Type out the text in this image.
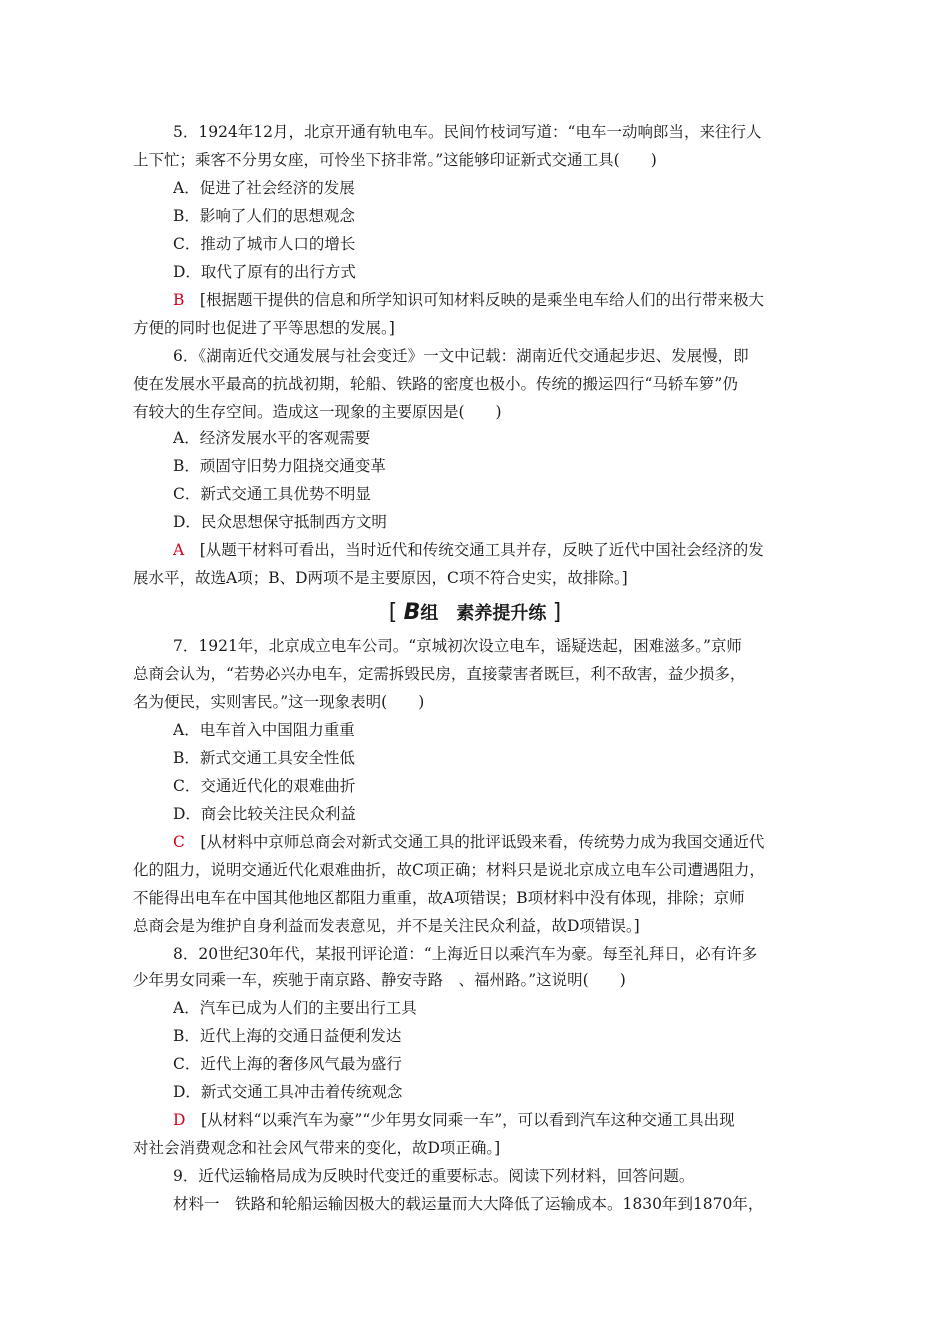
5．1924年12月，北京开通有轨电车。民间竹枝词写道：“电车一动响郎当，来往行人
上下忙；乘客不分男女座，可怜坐下挤非常。”这能够印证新式交通工具(　　)
A．促进了社会经济的发展
B．影响了人们的思想观念
C．推动了城市人口的增长
D．取代了原有的出行方式
B　[根据题干提供的信息和所学知识可知材料反映的是乘坐电车给人们的出行带来极大
方便的同时也促进了平等思想的发展。]
6．《湖南近代交通发展与社会变迁》一文中记载：湖南近代交通起步迟、发展慢，即
使在发展水平最高的抗战初期，轮船、铁路的密度也极小。传统的搬运四行“马轿车箩”仍
有较大的生存空间。造成这一现象的主要原因是(　　)
A．经济发展水平的客观需要
B．顽固守旧势力阻挠交通变革
C．新式交通工具优势不明显
D．民众思想保守抵制西方文明
A　[从题干材料可看出，当时近代和传统交通工具并存，反映了近代中国社会经济的发
展水平，故选A项；B、D两项不是主要原因，C项不符合史实，故排除。]
[ B组　素养提升练 ]
7．1921年，北京成立电车公司。“京城初次设立电车，谣疑迭起，困难滋多。”京师
总商会认为，“若势必兴办电车，定需拆毁民房，直接蒙害者既巨，利不敌害，益少损多，
名为便民，实则害民。”这一现象表明(　　)
A．电车首入中国阻力重重
B．新式交通工具安全性低
C．交通近代化的艰难曲折
D．商会比较关注民众利益
C　[从材料中京师总商会对新式交通工具的批评诋毁来看，传统势力成为我国交通近代
化的阻力，说明交通近代化艰难曲折，故C项正确；材料只是说北京成立电车公司遭遇阻力，
不能得出电车在中国其他地区都阻力重重，故A项错误；B项材料中没有体现，排除；京师
总商会是为维护自身利益而发表意见，并不是关注民众利益，故D项错误。]
8．20世纪30年代，某报刊评论道：“上海近日以乘汽车为豪。每至礼拜日，必有许多
少年男女同乘一车，疾驰于南京路、静安寺路　、福州路。”这说明(　　)
A．汽车已成为人们的主要出行工具
B．近代上海的交通日益便利发达
C．近代上海的奢侈风气最为盛行
D．新式交通工具冲击着传统观念
D　[从材料“以乘汽车为豪”“少年男女同乘一车”，可以看到汽车这种交通工具出现
对社会消费观念和社会风气带来的变化，故D项正确。]
9．近代运输格局成为反映时代变迁的重要标志。阅读下列材料，回答问题。
材料一　铁路和轮船运输因极大的载运量而大大降低了运输成本。1830年到1870年，
